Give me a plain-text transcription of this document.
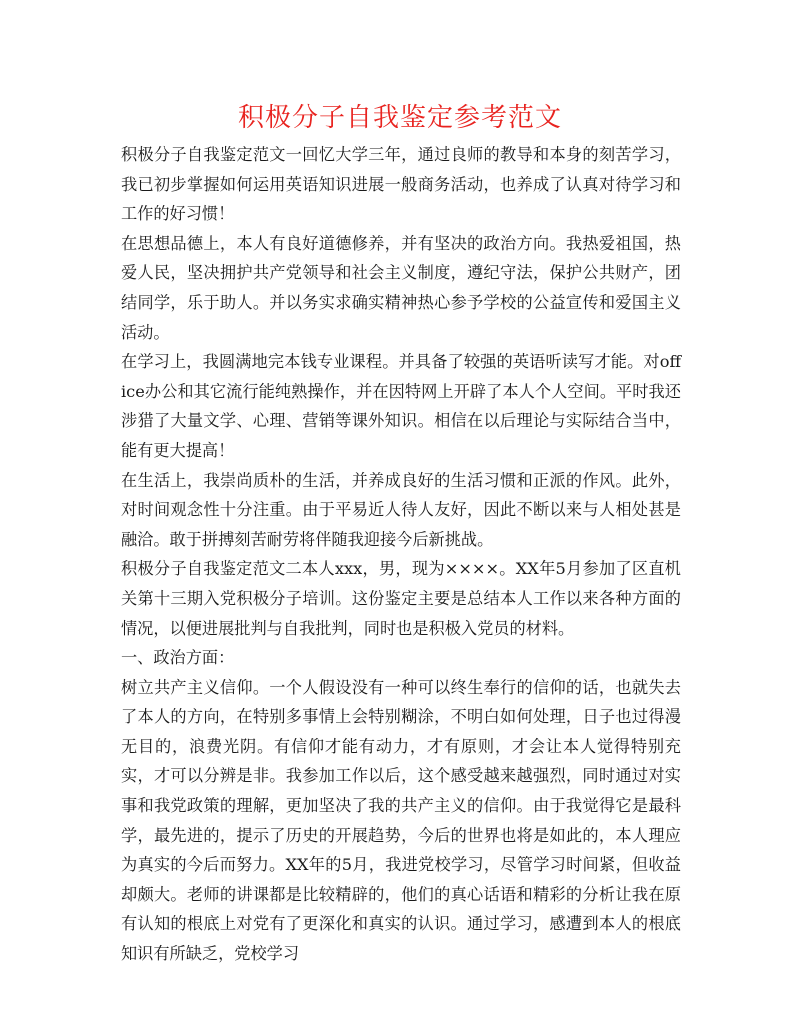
积极分子自我鉴定参考范文

积极分子自我鉴定范文一回忆大学三年，通过良师的教导和本身的刻苦学习，我已初步掌握如何运用英语知识进展一般商务活动，也养成了认真对待学习和工作的好习惯！

在思想品德上，本人有良好道德修养，并有坚决的政治方向。我热爱祖国，热爱人民，坚决拥护共产党领导和社会主义制度，遵纪守法，保护公共财产，团结同学，乐于助人。并以务实求确实精神热心参予学校的公益宣传和爱国主义活动。

在学习上，我圆满地完本钱专业课程。并具备了较强的英语听读写才能。对office办公和其它流行能纯熟操作，并在因特网上开辟了本人个人空间。平时我还涉猎了大量文学、心理、营销等课外知识。相信在以后理论与实际结合当中，能有更大提高！

在生活上，我崇尚质朴的生活，并养成良好的生活习惯和正派的作风。此外，对时间观念性十分注重。由于平易近人待人友好，因此不断以来与人相处甚是融洽。敢于拼搏刻苦耐劳将伴随我迎接今后新挑战。

积极分子自我鉴定范文二本人xxx，男，现为××××。XX年5月参加了区直机关第十三期入党积极分子培训。这份鉴定主要是总结本人工作以来各种方面的情况，以便进展批判与自我批判，同时也是积极入党员的材料。

一、政治方面：

树立共产主义信仰。一个人假设没有一种可以终生奉行的信仰的话，也就失去了本人的方向，在特别多事情上会特别糊涂，不明白如何处理，日子也过得漫无目的，浪费光阴。有信仰才能有动力，才有原则，才会让本人觉得特别充实，才可以分辨是非。我参加工作以后，这个感受越来越强烈，同时通过对实事和我党政策的理解，更加坚决了我的共产主义的信仰。由于我觉得它是最科学，最先进的，提示了历史的开展趋势，今后的世界也将是如此的，本人理应为真实的今后而努力。XX年的5月，我进党校学习，尽管学习时间紧，但收益却颇大。老师的讲课都是比较精辟的，他们的真心话语和精彩的分析让我在原有认知的根底上对党有了更深化和真实的认识。通过学习，感遭到本人的根底知识有所缺乏，党校学习
